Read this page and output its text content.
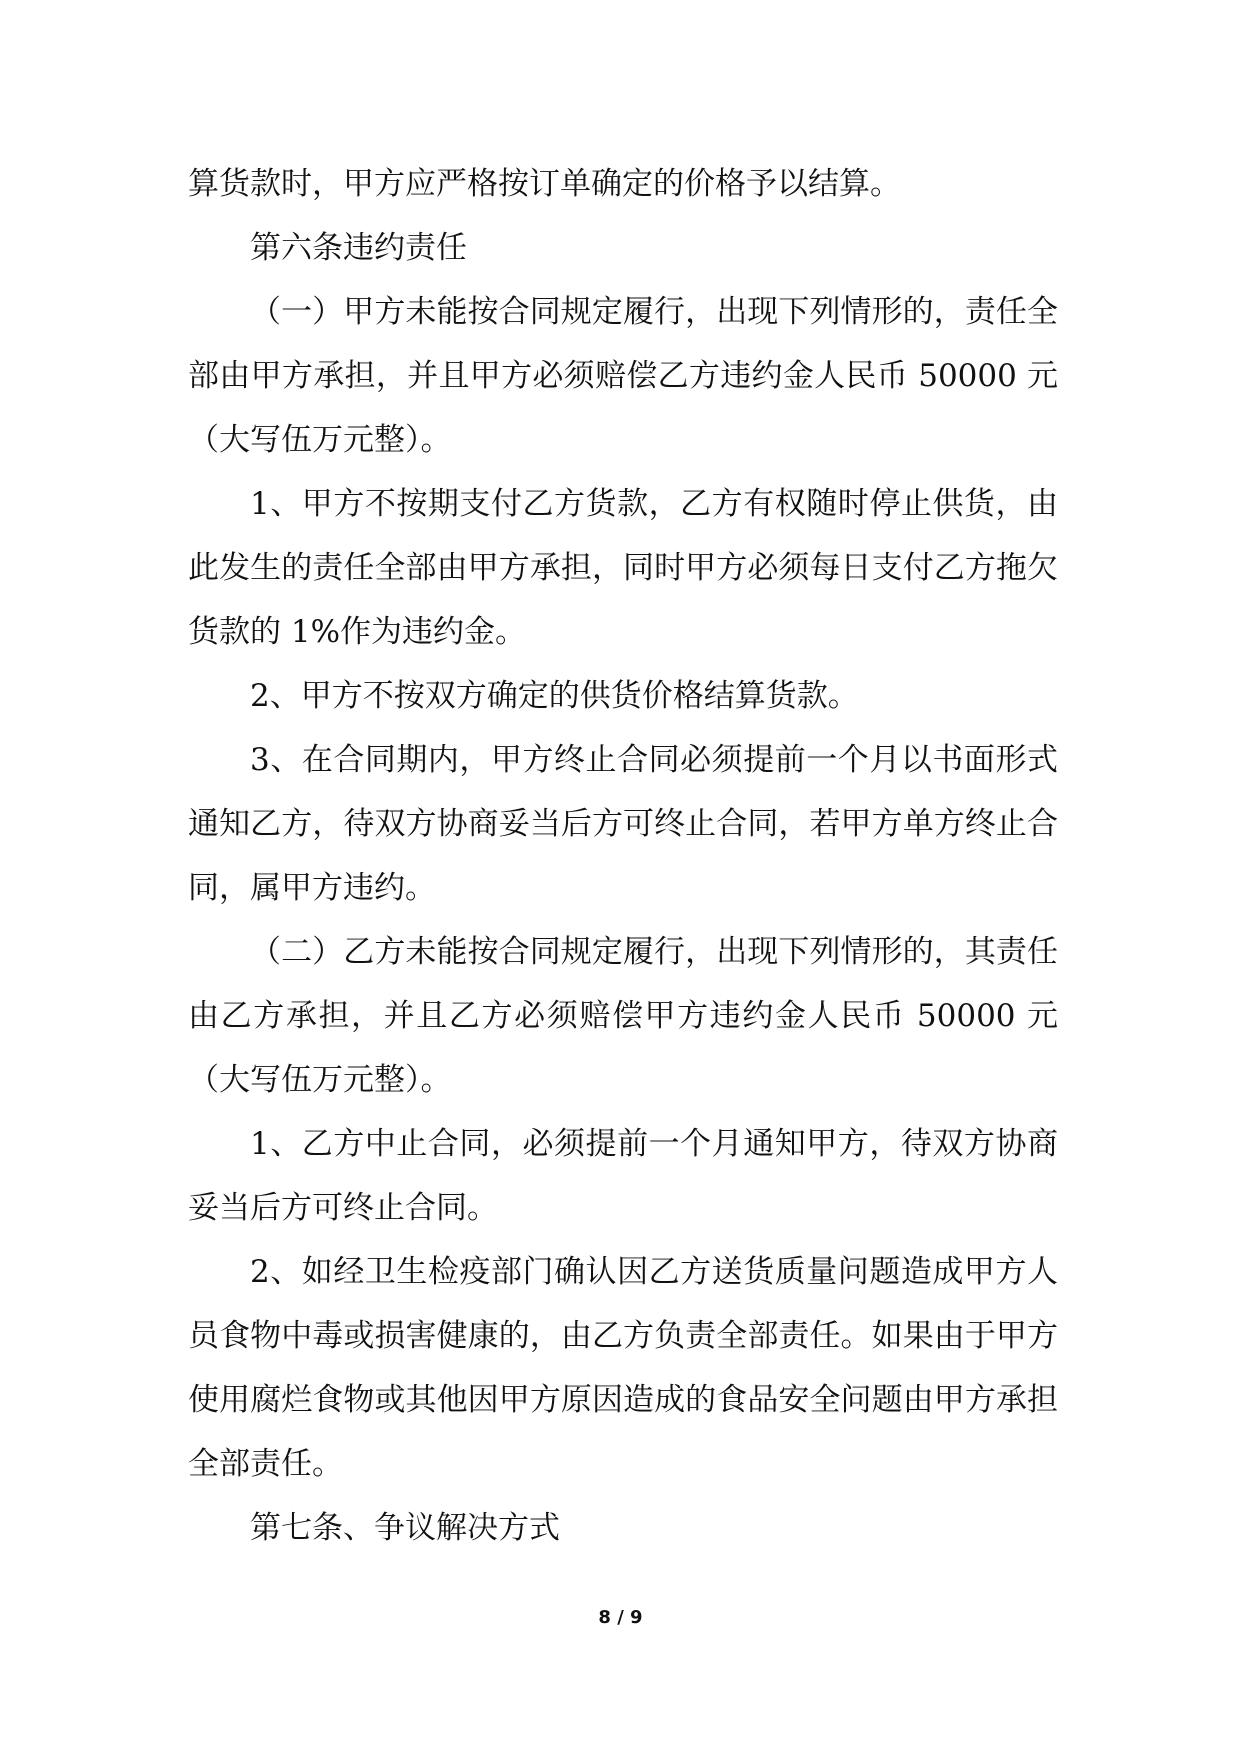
算货款时，甲方应严格按订单确定的价格予以结算。

第六条违约责任

（一）甲方未能按合同规定履行，出现下列情形的，责任全部由甲方承担，并且甲方必须赔偿乙方违约金人民币 50000 元（大写伍万元整）。

1、甲方不按期支付乙方货款，乙方有权随时停止供货，由此发生的责任全部由甲方承担，同时甲方必须每日支付乙方拖欠货款的 1%作为违约金。

2、甲方不按双方确定的供货价格结算货款。

3、在合同期内，甲方终止合同必须提前一个月以书面形式通知乙方，待双方协商妥当后方可终止合同，若甲方单方终止合同，属甲方违约。

（二）乙方未能按合同规定履行，出现下列情形的，其责任由乙方承担，并且乙方必须赔偿甲方违约金人民币 50000 元（大写伍万元整）。

1、乙方中止合同，必须提前一个月通知甲方，待双方协商妥当后方可终止合同。

2、如经卫生检疫部门确认因乙方送货质量问题造成甲方人员食物中毒或损害健康的，由乙方负责全部责任。如果由于甲方使用腐烂食物或其他因甲方原因造成的食品安全问题由甲方承担全部责任。

第七条、争议解决方式

8 / 9
